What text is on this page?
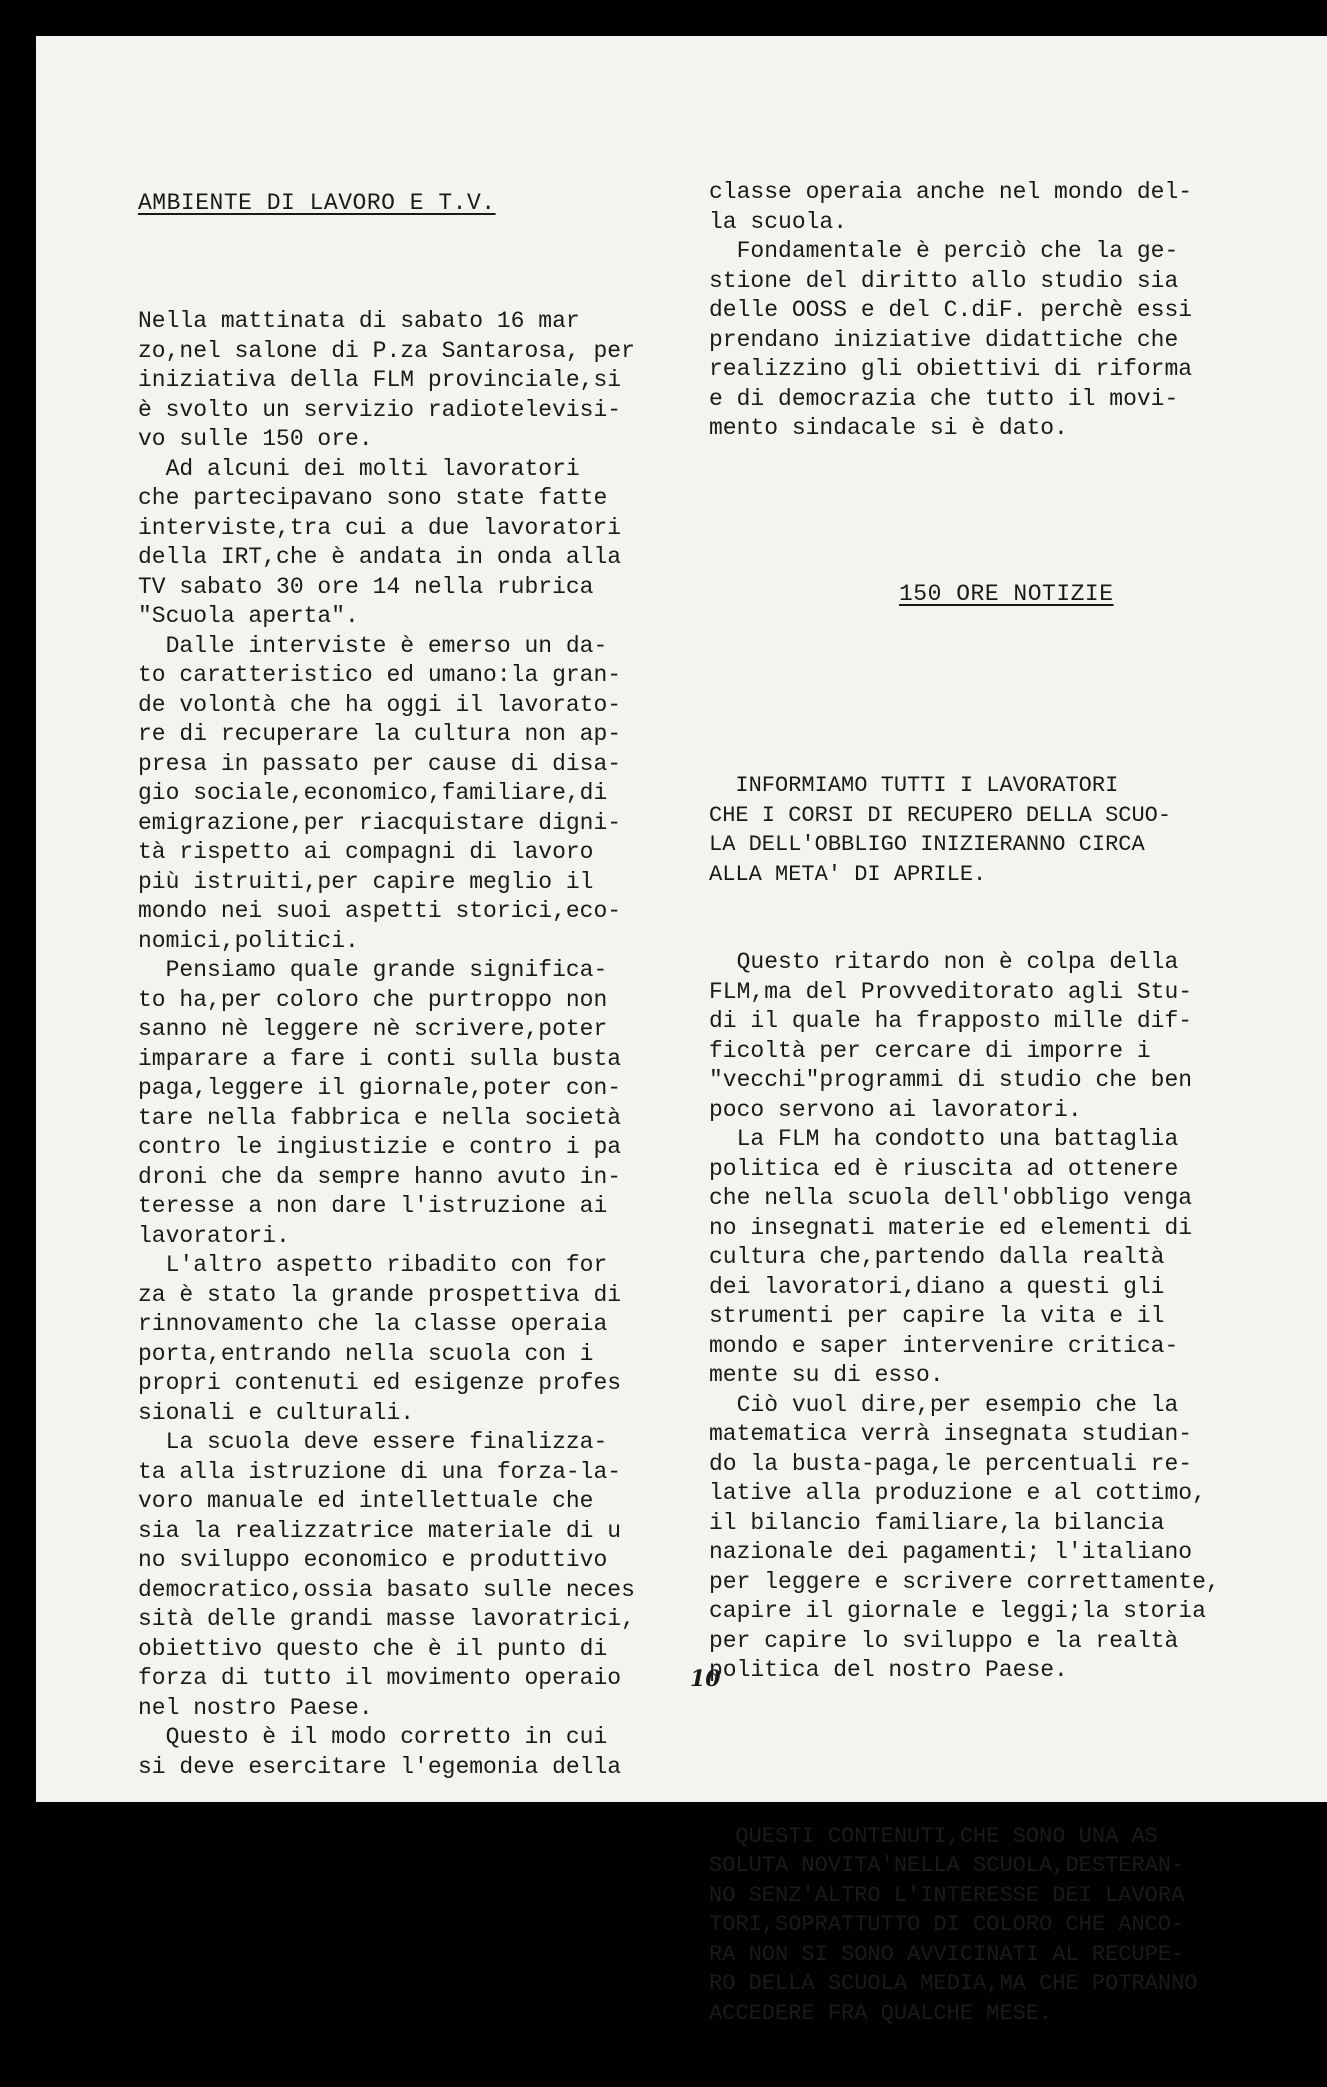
AMBIENTE DI LAVORO E T.V.

Nella mattinata di sabato 16 mar
zo,nel salone di P.za Santarosa, per
iniziativa della FLM provinciale,si
è svolto un servizio radiotelevisi-
vo sulle 150 ore.
Ad alcuni dei molti lavoratori
che partecipavano sono state fatte
interviste,tra cui a due lavoratori
della IRT,che è andata in onda alla
TV sabato 30 ore 14 nella rubrica
"Scuola aperta".
Dalle interviste è emerso un da-
to caratteristico ed umano:la gran-
de volontà che ha oggi il lavorato-
re di recuperare la cultura non ap-
presa in passato per cause di disa-
gio sociale,economico,familiare,di
emigrazione,per riacquistare digni-
tà rispetto ai compagni di lavoro
più istruiti,per capire meglio il
mondo nei suoi aspetti storici,eco-
nomici,politici.
Pensiamo quale grande significa-
to ha,per coloro che purtroppo non
sanno nè leggere nè scrivere,poter
imparare a fare i conti sulla busta
paga,leggere il giornale,poter con-
tare nella fabbrica e nella società
contro le ingiustizie e contro i pa
droni che da sempre hanno avuto in-
teresse a non dare l'istruzione ai
lavoratori.
L'altro aspetto ribadito con for
za è stato la grande prospettiva di
rinnovamento che la classe operaia
porta,entrando nella scuola con i
propri contenuti ed esigenze profes
sionali e culturali.
La scuola deve essere finalizza-
ta alla istruzione di una forza-la-
voro manuale ed intellettuale che
sia la realizzatrice materiale di u
no sviluppo economico e produttivo
democratico,ossia basato sulle neces
sità delle grandi masse lavoratrici,
obiettivo questo che è il punto di
forza di tutto il movimento operaio
nel nostro Paese.
Questo è il modo corretto in cui
si deve esercitare l'egemonia della

classe operaia anche nel mondo del-
la scuola.
Fondamentale è perciò che la ge-
stione del diritto allo studio sia
delle OOSS e del C.diF. perchè essi
prendano iniziative didattiche che
realizzino gli obiettivi di riforma
e di democrazia che tutto il movi-
mento sindacale si è dato.

150 ORE NOTIZIE

INFORMIAMO TUTTI I LAVORATORI
CHE I CORSI DI RECUPERO DELLA SCUO-
LA DELL'OBBLIGO INIZIERANNO CIRCA
ALLA META' DI APRILE.

Questo ritardo non è colpa della
FLM,ma del Provveditorato agli Stu-
di il quale ha frapposto mille dif-
ficoltà per cercare di imporre i
"vecchi"programmi di studio che ben
poco servono ai lavoratori.
La FLM ha condotto una battaglia
politica ed è riuscita ad ottenere
che nella scuola dell'obbligo venga
no insegnati materie ed elementi di
cultura che,partendo dalla realtà
dei lavoratori,diano a questi gli
strumenti per capire la vita e il
mondo e saper intervenire critica-
mente su di esso.
Ciò vuol dire,per esempio che la
matematica verrà insegnata studian-
do la busta-paga,le percentuali re-
lative alla produzione e al cottimo,
il bilancio familiare,la bilancia
nazionale dei pagamenti; l'italiano
per leggere e scrivere correttamente,
capire il giornale e leggi;la storia
per capire lo sviluppo e la realtà
politica del nostro Paese.

QUESTI CONTENUTI,CHE SONO UNA AS
SOLUTA NOVITA'NELLA SCUOLA,DESTERAN-
NO SENZ'ALTRO L'INTERESSE DEI LAVORA
TORI,SOPRATTUTTO DI COLORO CHE ANCO-
RA NON SI SONO AVVICINATI AL RECUPE-
RO DELLA SCUOLA MEDIA,MA CHE POTRANNO
ACCEDERE FRA QUALCHE MESE.

10
